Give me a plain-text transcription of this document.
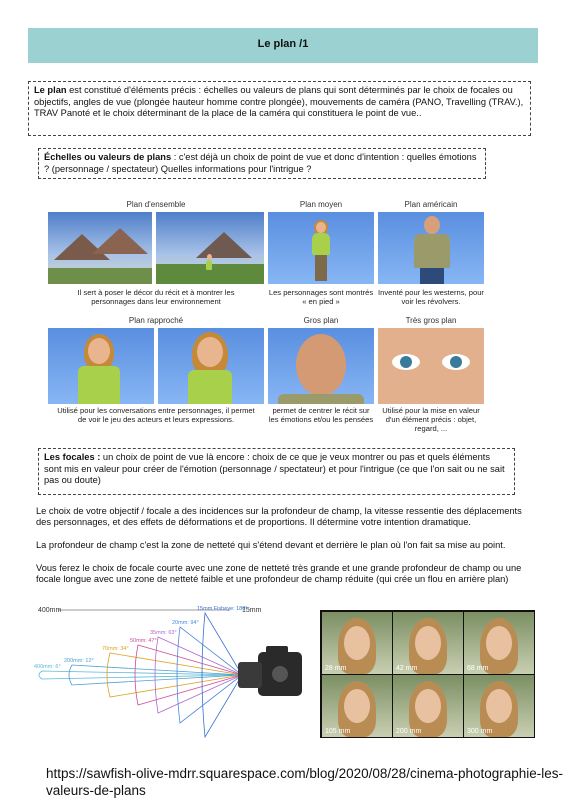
Le plan /1
Le plan est constitué d'éléments précis : échelles ou valeurs de plans qui sont déterminés par le choix de focales ou objectifs, angles de vue (plongée hauteur homme contre plongée), mouvements de caméra (PANO, Travelling (TRAV.), TRAV Panoté et le choix déterminant de la place de la caméra qui constituera le point de vue..
Échelles ou valeurs de plans : c'est déjà un choix de point de vue et donc d'intention : quelles émotions ? (personnage / spectateur) Quelles informations pour l'intrigue ?
Plan d'ensemble
Il sert à poser le décor du récit et à montrer les personnages dans leur environnement
Plan moyen
Les personnages sont montrés « en pied »
Plan américain
Inventé pour les westerns, pour voir les révolvers.
Plan rapproché
Utilisé pour les conversations entre personnages, il permet de voir le jeu des acteurs et leurs expressions.
Gros plan
permet de centrer le récit sur les émotions et/ou les pensées
Très gros plan
Utilisé pour la mise en valeur d'un élément précis : objet, regard, ...
Les focales : un choix de point de vue là encore : choix de ce que je veux montrer ou pas et quels éléments sont mis en valeur pour créer de l'émotion (personnage / spectateur) et pour l'intrigue (ce que l'on sait ou ne sait pas ou doute)
Le choix de votre objectif / focale a des incidences sur la profondeur de champ, la vitesse ressentie des déplacements des personnages, et des effets de déformations et de proportions. Il détermine votre intention dramatique.
La profondeur de champ c'est la zone de netteté qui s'étend devant et derrière le plan où l'on fait sa mise au point.
Vous ferez le choix de focale courte avec une zone de netteté très grande et une grande profondeur de champ ou une focale longue avec une zone de netteté faible et une profondeur de champ réduite (qui crée un flou en arrière plan)
400mm	15mm
400mm: 6°
200mm: 12°
70mm: 34°
50mm: 47°
35mm: 63°
20mm: 94°
15mm Fisheye: 180°
28 mm	42 mm	68 mm
105 mm	200 mm	300 mm
https://sawfish-olive-mdrr.squarespace.com/blog/2020/08/28/cinema-photographie-les-valeurs-de-plans
